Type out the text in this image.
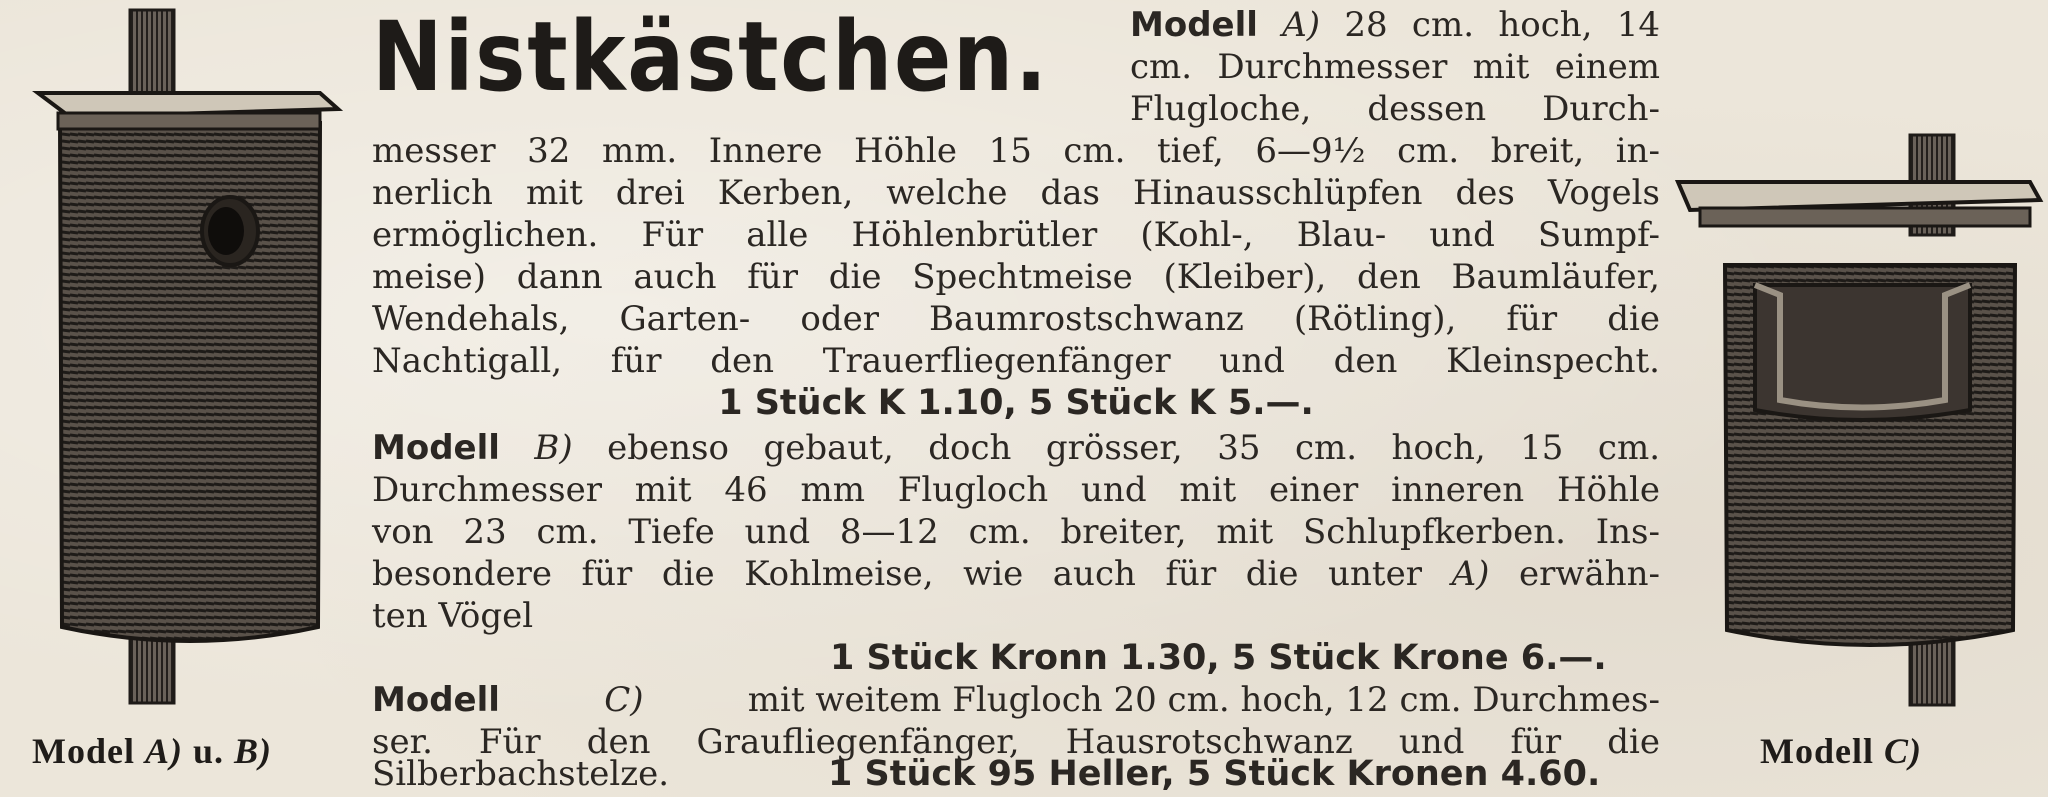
Nistkästchen. Modell A) 28 cm. hoch, 14
cm. Durchmesser mit einem
Flugloche, dessen Durch-
messer 32 mm. Innere Höhle 15 cm. tief, 6—9½ cm. breit, in-
nerlich mit drei Kerben, welche das Hinausschlüpfen des Vogels
ermöglichen. Für alle Höhlenbrütler (Kohl-, Blau- und Sumpf-
meise) dann auch für die Spechtmeise (Kleiber), den Baumläufer,
Wendehals, Garten- oder Baumrostschwanz (Rötling), für die
Nachtigall, für den Trauerfliegenfänger und den Kleinspecht.
1 Stück K 1.10, 5 Stück K 5.—.
Modell B) ebenso gebaut, doch grösser, 35 cm. hoch, 15 cm.
Durchmesser mit 46 mm Flugloch und mit einer inneren Höhle
von 23 cm. Tiefe und 8—12 cm. breiter, mit Schlupfkerben. Ins-
besondere für die Kohlmeise, wie auch für die unter A) erwähn-
ten Vögel
1 Stück Kronn 1.30, 5 Stück Krone 6.—.
Modell	C)	mit weitem Flugloch 20 cm. hoch, 12 cm. Durchmes-
ser. Für den Graufliegenfänger, Hausrotschwanz und für die
Silberbachstelze.	1 Stück 95 Heller, 5 Stück Kronen 4.60.
Model A) u. B)	Modell C)
